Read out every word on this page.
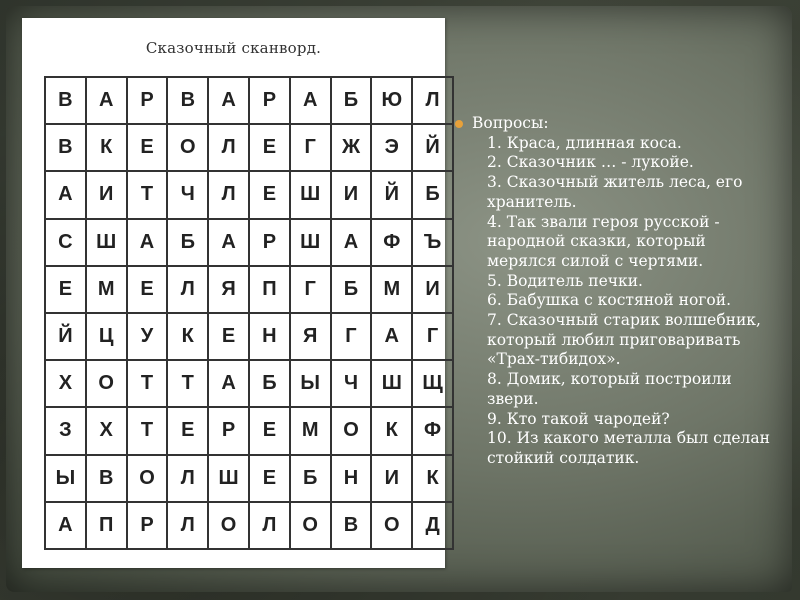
Сказочный сканворд.
В	А	Р	В	А	Р	А	Б	Ю	Л
В	К	Е	О	Л	Е	Г	Ж	Э	Й
А	И	Т	Ч	Л	Е	Ш	И	Й	Б
С	Ш	А	Б	А	Р	Ш	А	Ф	Ъ
Е	М	Е	Л	Я	П	Г	Б	М	И
Й	Ц	У	К	Е	Н	Я	Г	А	Г
Х	О	Т	Т	А	Б	Ы	Ч	Ш	Щ
З	Х	Т	Е	Р	Е	М	О	К	Ф
Ы	В	О	Л	Ш	Е	Б	Н	И	К
А	П	Р	Л	О	Л	О	В	О	Д
Вопросы:
1. Краса, длинная коса.
2. Сказочник … - лукойе.
3. Сказочный житель леса, его хранитель.
4. Так звали героя русской - народной сказки, который мерялся силой с чертями.
5. Водитель печки.
6. Бабушка с костяной ногой.
7. Сказочный старик волшебник, который любил приговаривать «Трах-тибидох».
8. Домик, который построили звери.
9. Кто такой чародей?
10. Из какого металла был сделан стойкий солдатик.
